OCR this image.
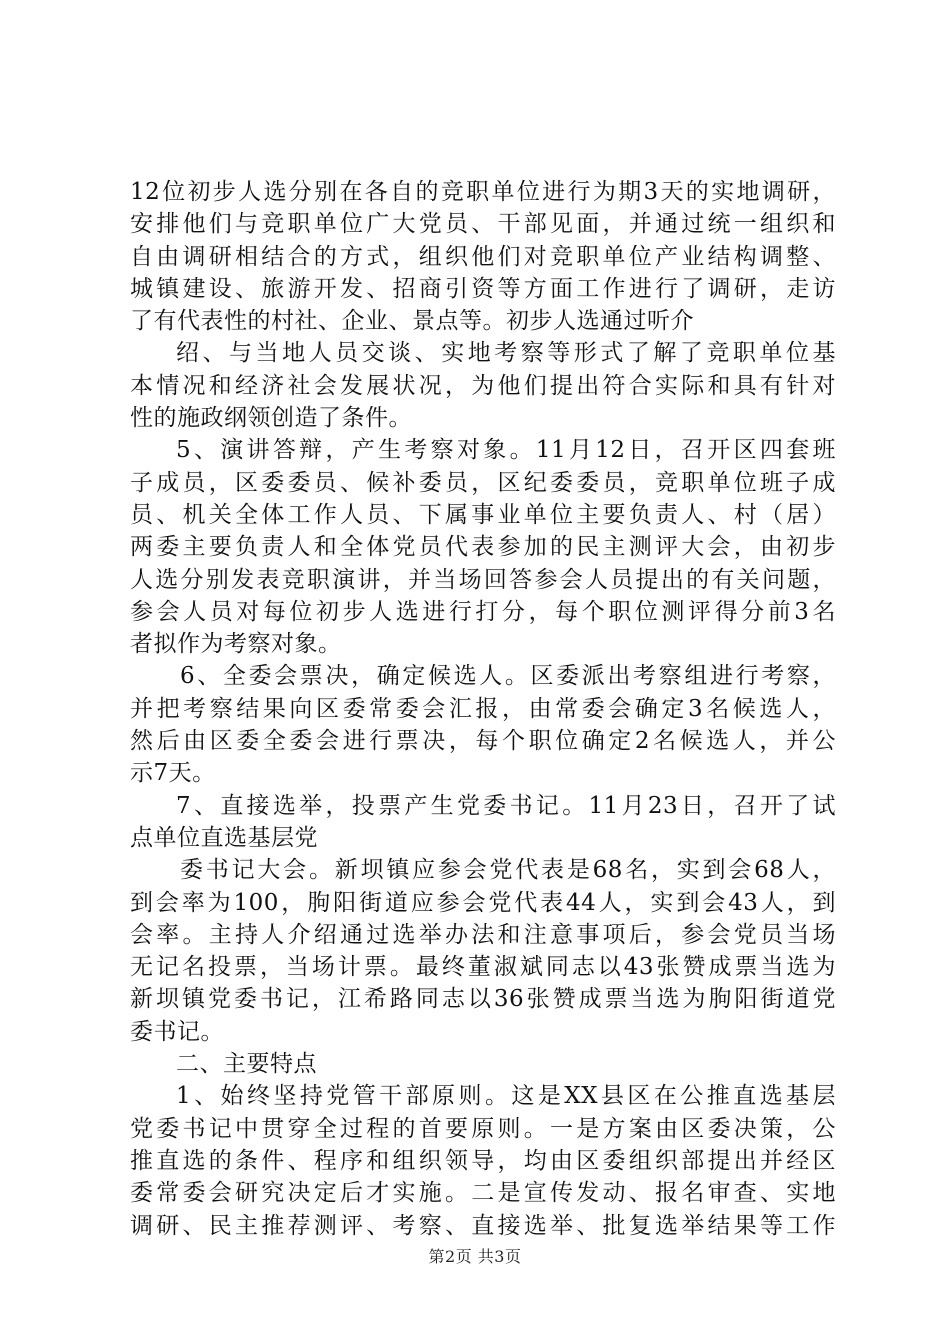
12位初步人选分别在各自的竞职单位进行为期3天的实地调研，
安排他们与竞职单位广大党员、干部见面，并通过统一组织和
自由调研相结合的方式，组织他们对竞职单位产业结构调整、
城镇建设、旅游开发、招商引资等方面工作进行了调研，走访
了有代表性的村社、企业、景点等。初步人选通过听介
绍、与当地人员交谈、实地考察等形式了解了竞职单位基
本情况和经济社会发展状况，为他们提出符合实际和具有针对
性的施政纲领创造了条件。
5、演讲答辩，产生考察对象。11月12日，召开区四套班
子成员，区委委员、候补委员，区纪委委员，竞职单位班子成
员、机关全体工作人员、下属事业单位主要负责人、村（居）
两委主要负责人和全体党员代表参加的民主测评大会，由初步
人选分别发表竞职演讲，并当场回答参会人员提出的有关问题，
参会人员对每位初步人选进行打分，每个职位测评得分前3名
者拟作为考察对象。
6、全委会票决，确定候选人。区委派出考察组进行考察，
并把考察结果向区委常委会汇报，由常委会确定3名候选人，
然后由区委全委会进行票决，每个职位确定2名候选人，并公
示7天。
7、直接选举，投票产生党委书记。11月23日，召开了试
点单位直选基层党
委书记大会。新坝镇应参会党代表是68名，实到会68人，
到会率为100，朐阳街道应参会党代表44人，实到会43人，到
会率。主持人介绍通过选举办法和注意事项后，参会党员当场
无记名投票，当场计票。最终董淑斌同志以43张赞成票当选为
新坝镇党委书记，江希路同志以36张赞成票当选为朐阳街道党
委书记。
二、主要特点
1、始终坚持党管干部原则。这是XX县区在公推直选基层
党委书记中贯穿全过程的首要原则。一是方案由区委决策，公
推直选的条件、程序和组织领导，均由区委组织部提出并经区
委常委会研究决定后才实施。二是宣传发动、报名审查、实地
调研、民主推荐测评、考察、直接选举、批复选举结果等工作
第2页 共3页
